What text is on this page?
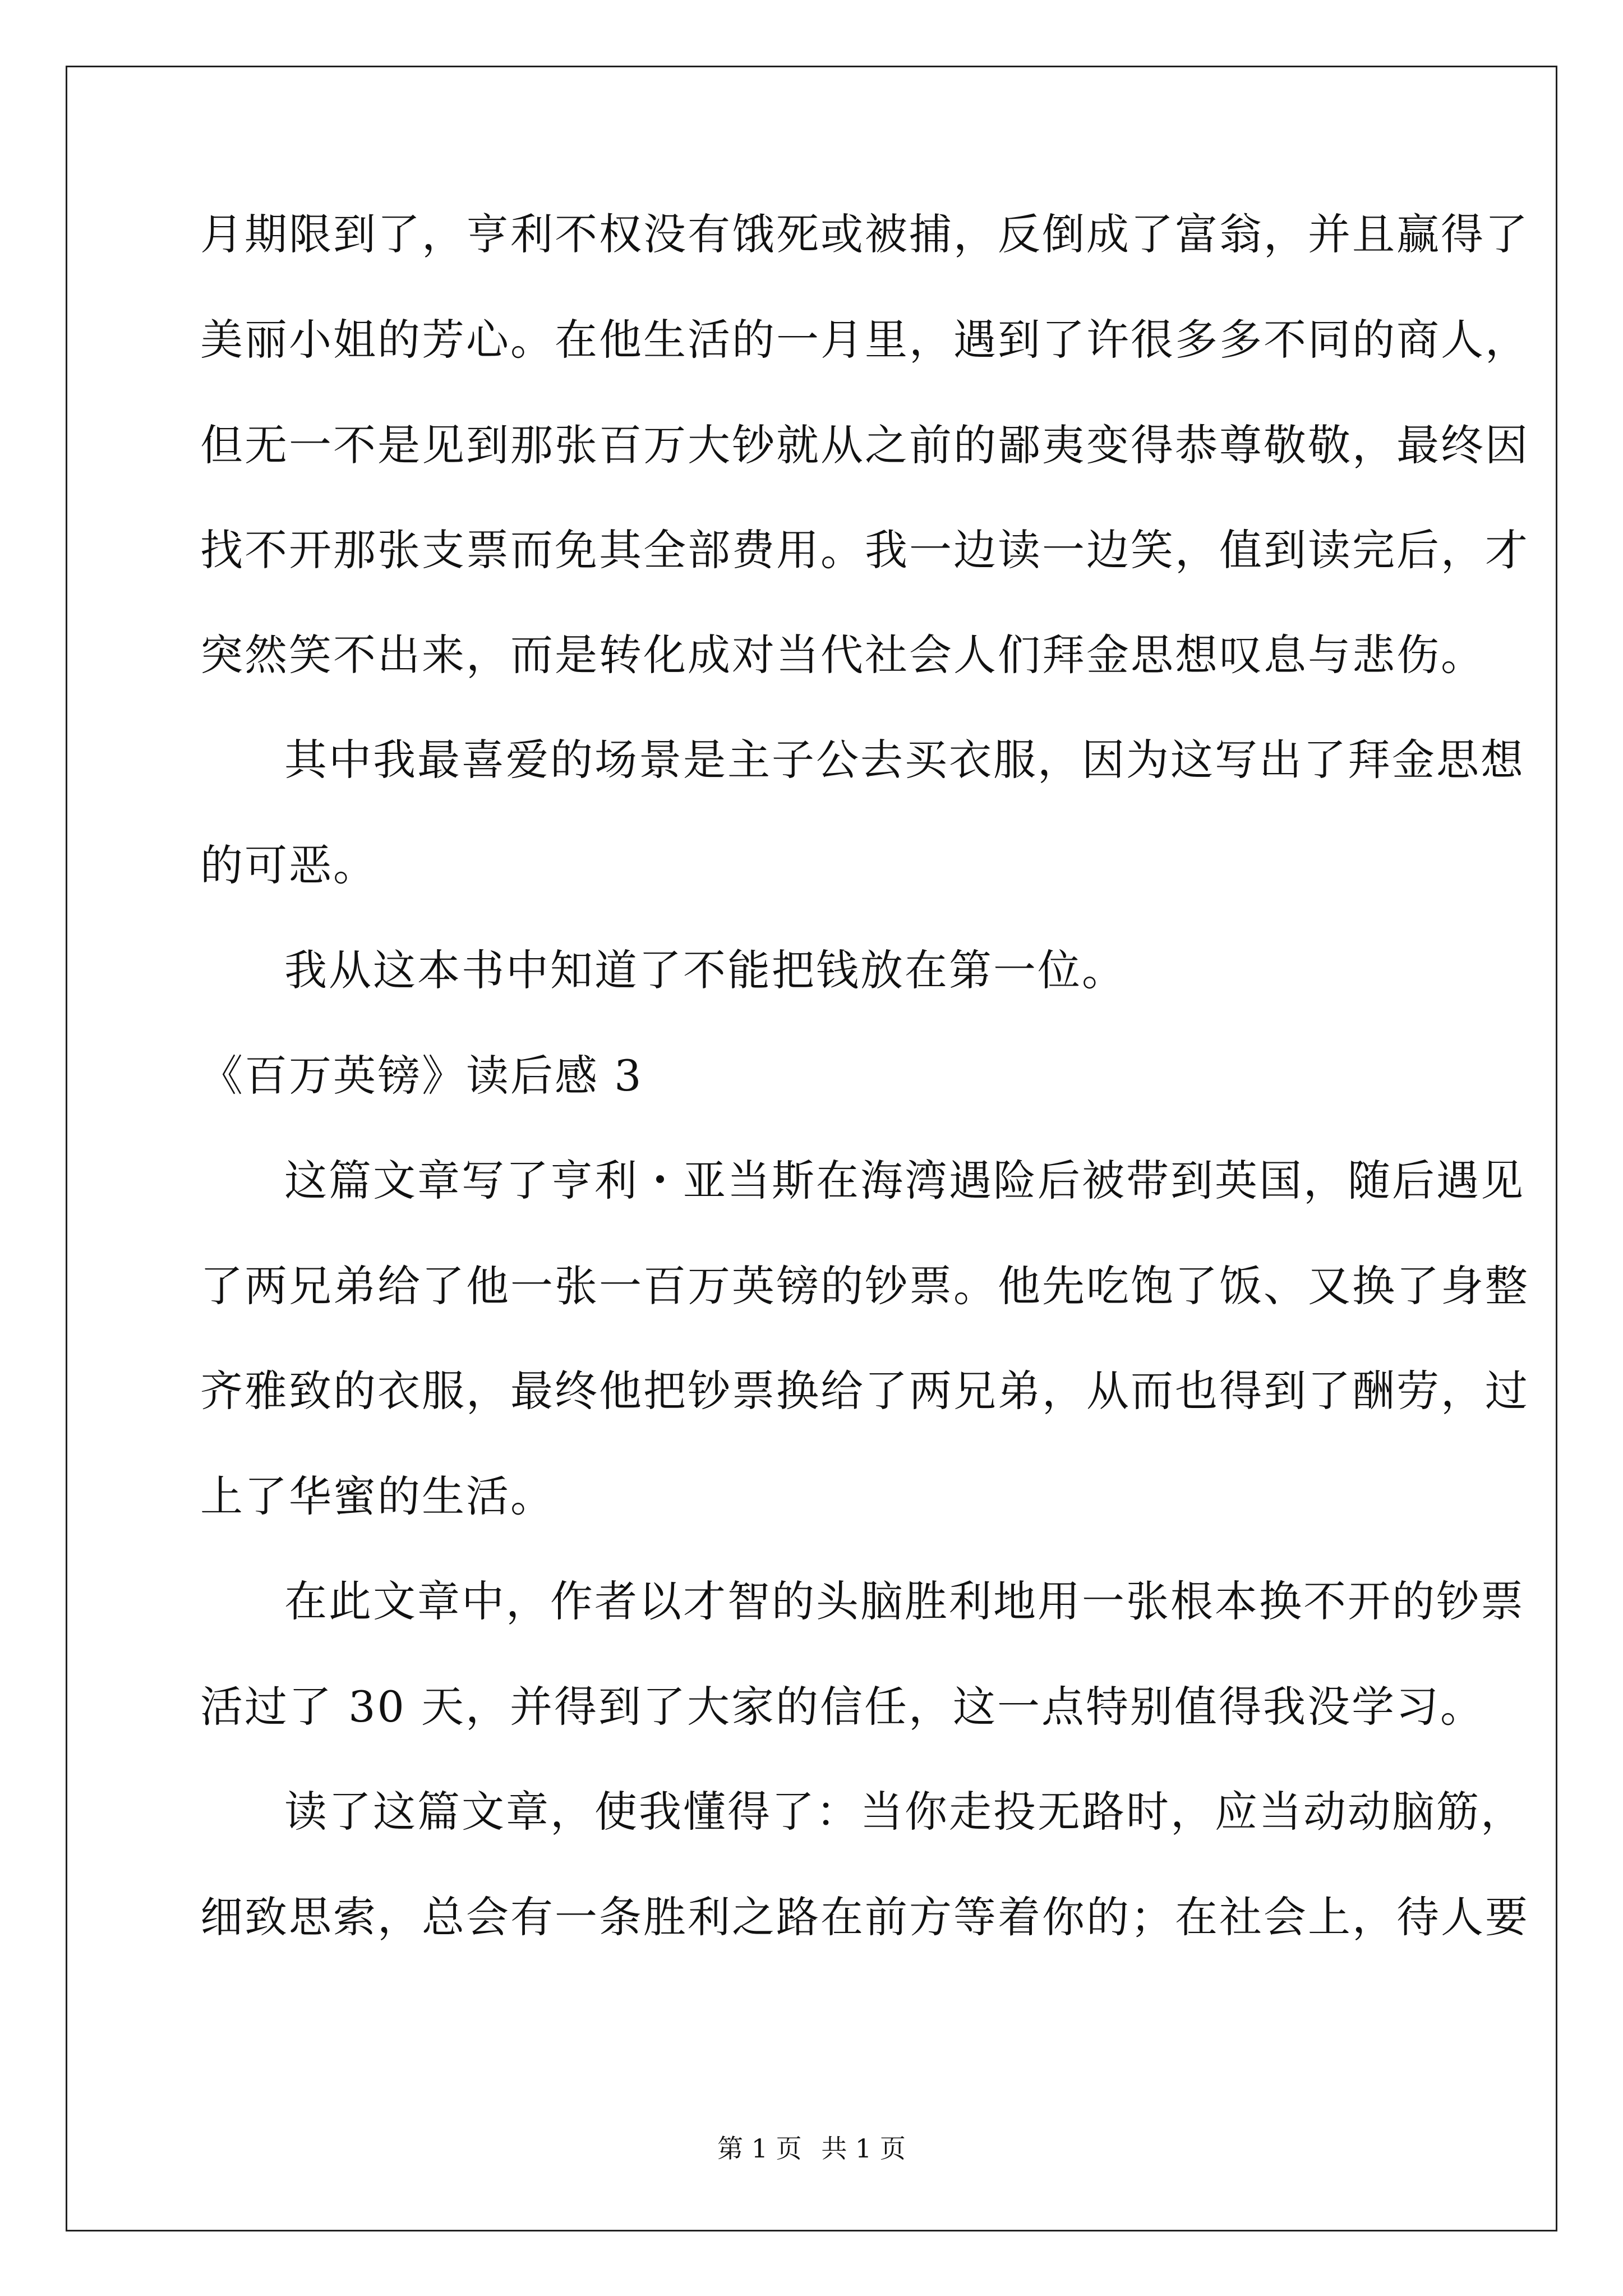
月期限到了，亨利不权没有饿死或被捕，反倒成了富翁，并且赢得了
美丽小姐的芳心。在他生活的一月里，遇到了许很多多不同的商人，
但无一不是见到那张百万大钞就从之前的鄙夷变得恭尊敬敬，最终因
找不开那张支票而免其全部费用。我一边读一边笑，值到读完后，才
突然笑不出来，而是转化成对当代社会人们拜金思想叹息与悲伤。
其中我最喜爱的场景是主子公去买衣服，因为这写出了拜金思想
的可恶。
我从这本书中知道了不能把钱放在第一位。
《百万英镑》读后感 3
这篇文章写了亨利・亚当斯在海湾遇险后被带到英国，随后遇见
了两兄弟给了他一张一百万英镑的钞票。他先吃饱了饭、又换了身整
齐雅致的衣服，最终他把钞票换给了两兄弟，从而也得到了酬劳，过
上了华蜜的生活。
在此文章中，作者以才智的头脑胜利地用一张根本换不开的钞票
活过了 30 天，并得到了大家的信任，这一点特别值得我没学习。
读了这篇文章，使我懂得了：当你走投无路时，应当动动脑筋，
细致思索，总会有一条胜利之路在前方等着你的；在社会上，待人要
第 1 页 共 1 页
